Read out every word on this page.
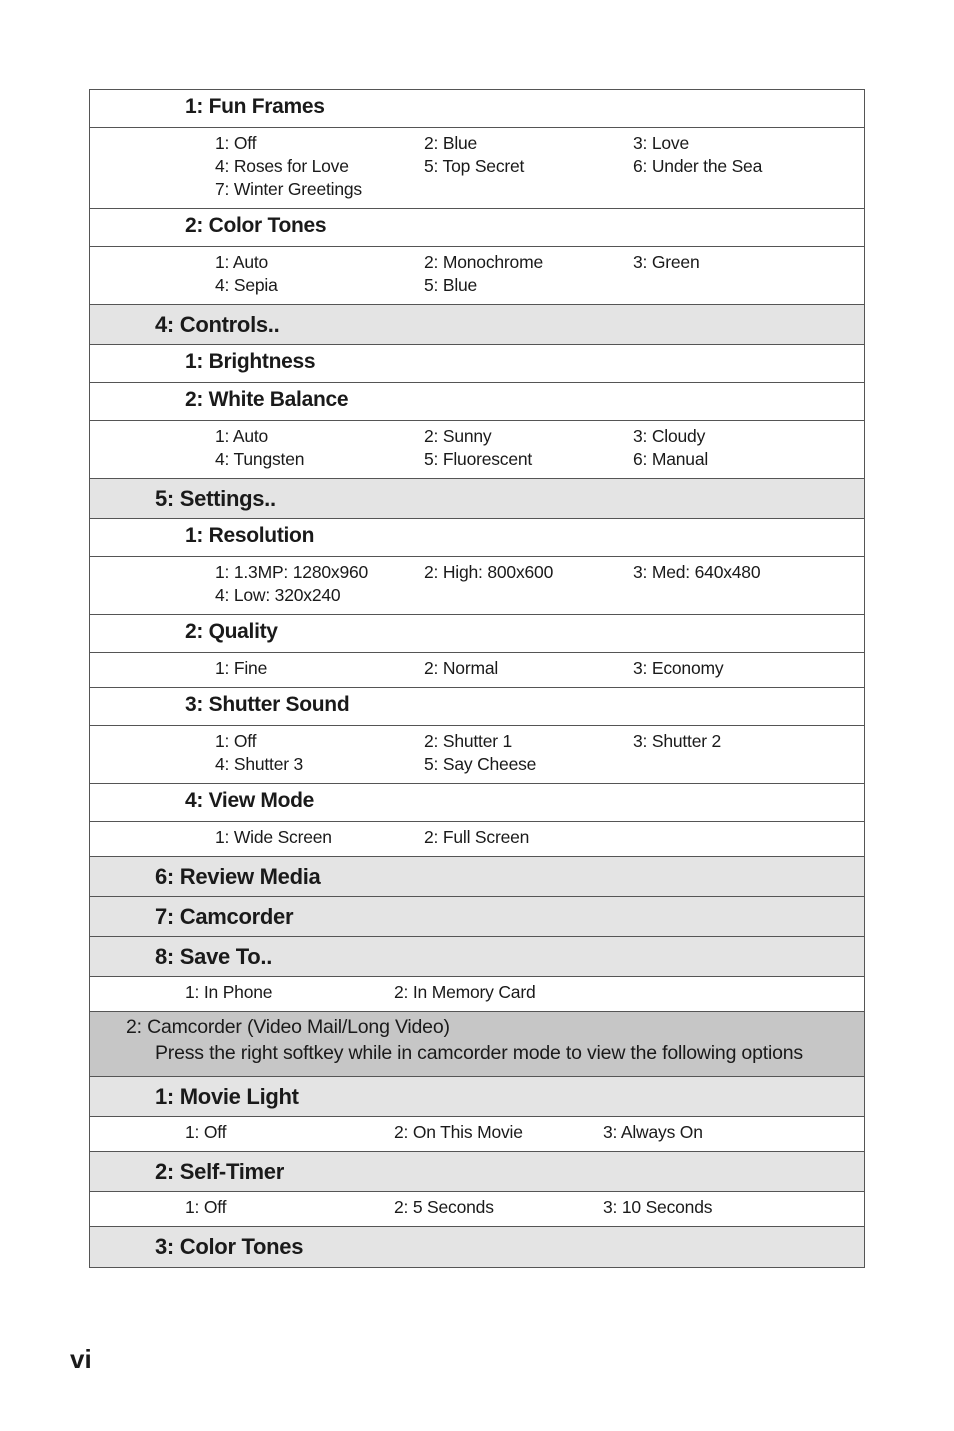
1: Fun Frames
1: Off	2: Blue	3: Love
4: Roses for Love	5: Top Secret	6: Under the Sea
7: Winter Greetings
2: Color Tones
1: Auto	2: Monochrome	3: Green
4: Sepia	5: Blue
4: Controls..
1: Brightness
2: White Balance
1: Auto	2: Sunny	3: Cloudy
4: Tungsten	5: Fluorescent	6: Manual
5: Settings..
1: Resolution
1: 1.3MP: 1280x960	2: High: 800x600	3: Med: 640x480
4: Low: 320x240
2: Quality
1: Fine	2: Normal	3: Economy
3: Shutter Sound
1: Off	2: Shutter 1	3: Shutter 2
4: Shutter 3	5: Say Cheese
4: View Mode
1: Wide Screen	2: Full Screen
6: Review Media
7: Camcorder
8: Save To..
1: In Phone	2: In Memory Card
2: Camcorder (Video Mail/Long Video)
Press the right softkey while in camcorder mode to view the following options
1: Movie Light
1: Off	2: On This Movie	3: Always On
2: Self-Timer
1: Off	2: 5 Seconds	3: 10 Seconds
3: Color Tones
vi
